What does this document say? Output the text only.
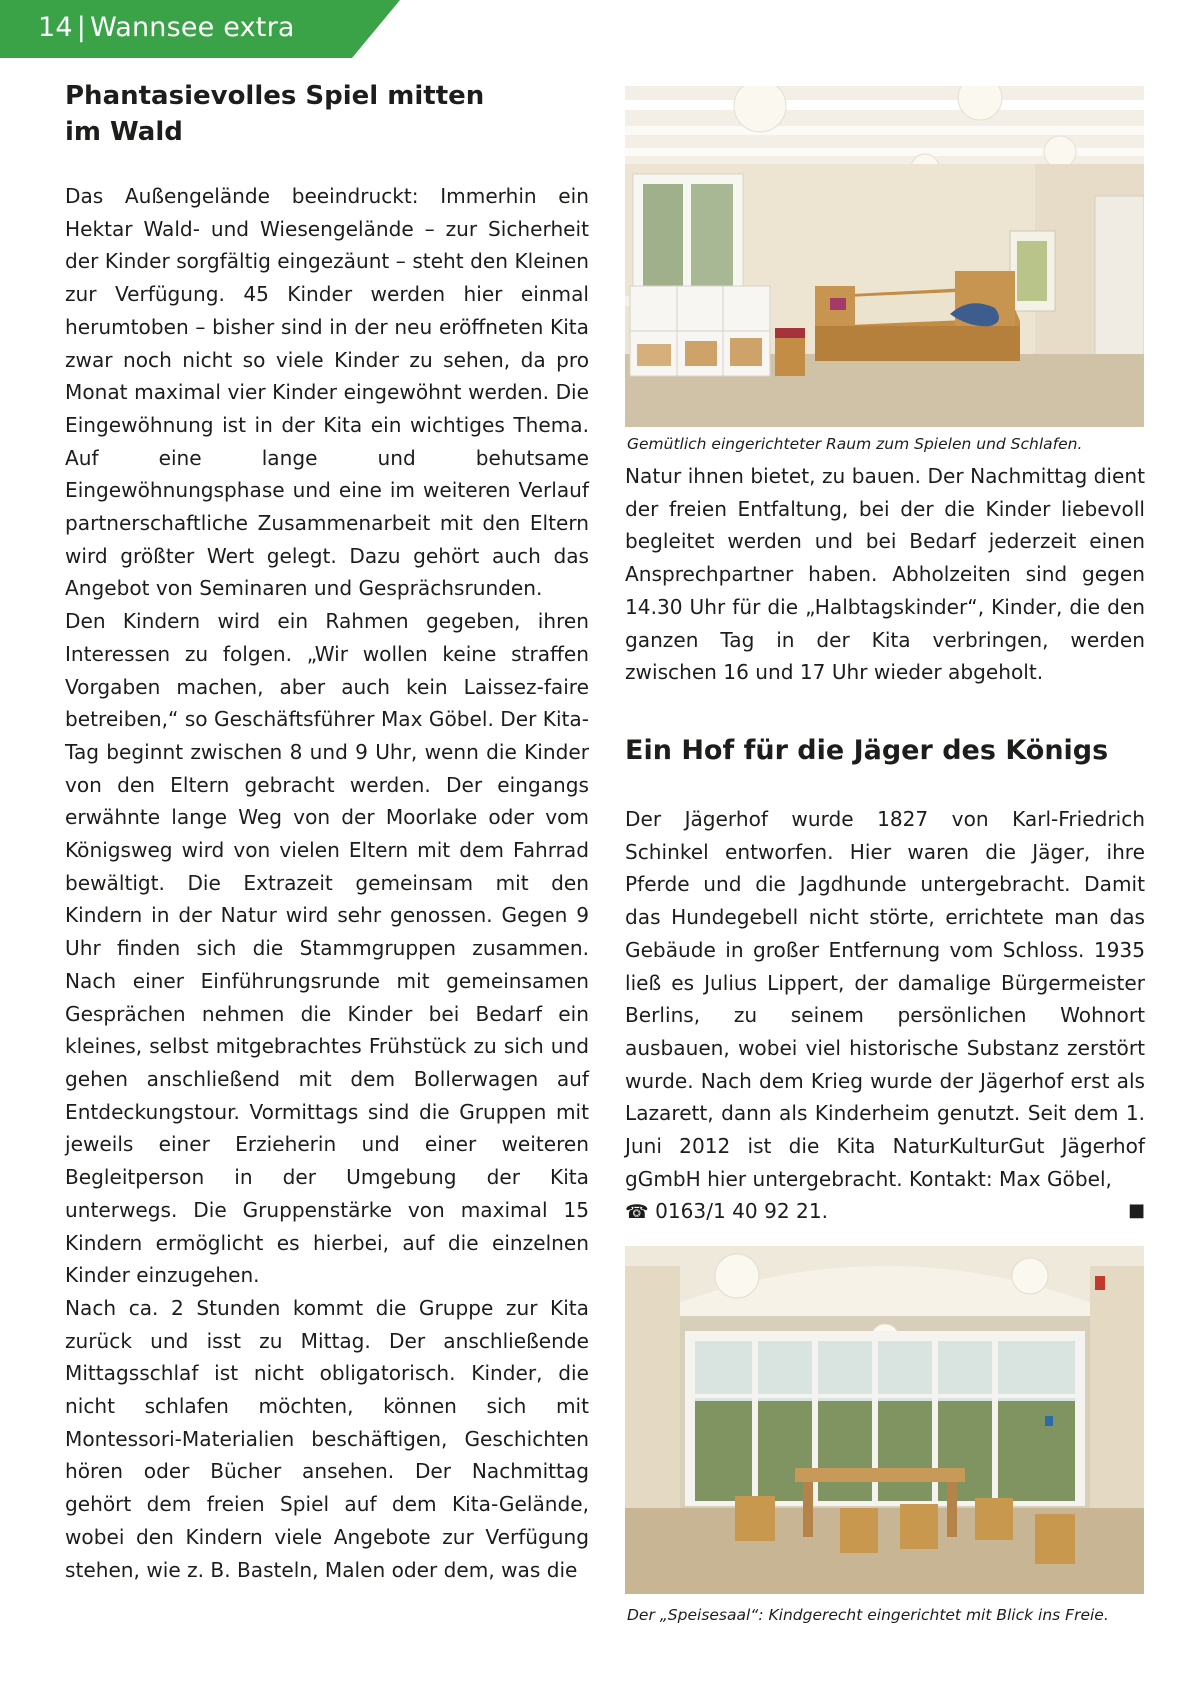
14 | Wannsee extra
Phantasievolles Spiel mitten im Wald

Das Außengelände beeindruckt: Immerhin ein Hektar Wald- und Wiesengelände – zur Sicherheit der Kinder sorgfältig eingezäunt – steht den Kleinen zur Verfügung. 45 Kinder werden hier einmal herumtoben – bisher sind in der neu eröffneten Kita zwar noch nicht so viele Kinder zu sehen, da pro Monat maximal vier Kinder eingewöhnt werden. Die Eingewöhnung ist in der Kita ein wichtiges Thema. Auf eine lange und behutsame Eingewöhnungsphase und eine im weiteren Verlauf partnerschaftliche Zusammenarbeit mit den Eltern wird größter Wert gelegt. Dazu gehört auch das Angebot von Seminaren und Gesprächsrunden.

Den Kindern wird ein Rahmen gegeben, ihren Interessen zu folgen. „Wir wollen keine straffen Vorgaben machen, aber auch kein Laissez-faire betreiben,“ so Geschäftsführer Max Göbel. Der Kita-Tag beginnt zwischen 8 und 9 Uhr, wenn die Kinder von den Eltern gebracht werden. Der eingangs erwähnte lange Weg von der Moorlake oder vom Königsweg wird von vielen Eltern mit dem Fahrrad bewältigt. Die Extrazeit gemeinsam mit den Kindern in der Natur wird sehr genossen. Gegen 9 Uhr finden sich die Stammgruppen zusammen. Nach einer Einführungsrunde mit gemeinsamen Gesprächen nehmen die Kinder bei Bedarf ein kleines, selbst mitgebrachtes Frühstück zu sich und gehen anschließend mit dem Bollerwagen auf Entdeckungstour. Vormittags sind die Gruppen mit jeweils einer Erzieherin und einer weiteren Begleitperson in der Umgebung der Kita unterwegs. Die Gruppenstärke von maximal 15 Kindern ermöglicht es hierbei, auf die einzelnen Kinder einzugehen.

Nach ca. 2 Stunden kommt die Gruppe zur Kita zurück und isst zu Mittag. Der anschließende Mittagsschlaf ist nicht obligatorisch. Kinder, die nicht schlafen möchten, können sich mit Montessori-Materialien beschäftigen, Geschichten hören oder Bücher ansehen. Der Nachmittag gehört dem freien Spiel auf dem Kita-Gelände, wobei den Kindern viele Angebote zur Verfügung stehen, wie z. B. Basteln, Malen oder dem, was die

Gemütlich eingerichteter Raum zum Spielen und Schlafen.

Natur ihnen bietet, zu bauen. Der Nachmittag dient der freien Entfaltung, bei der die Kinder liebevoll begleitet werden und bei Bedarf jederzeit einen Ansprechpartner haben. Abholzeiten sind gegen 14.30 Uhr für die „Halbtagskinder“, Kinder, die den ganzen Tag in der Kita verbringen, werden zwischen 16 und 17 Uhr wieder abgeholt.

Ein Hof für die Jäger des Königs

Der Jägerhof wurde 1827 von Karl-Friedrich Schinkel entworfen. Hier waren die Jäger, ihre Pferde und die Jagdhunde untergebracht. Damit das Hundegebell nicht störte, errichtete man das Gebäude in großer Entfernung vom Schloss. 1935 ließ es Julius Lippert, der damalige Bürgermeister Berlins, zu seinem persönlichen Wohnort ausbauen, wobei viel historische Substanz zerstört wurde. Nach dem Krieg wurde der Jägerhof erst als Lazarett, dann als Kinderheim genutzt. Seit dem 1. Juni 2012 ist die Kita NaturKulturGut Jägerhof gGmbH hier untergebracht. Kontakt: Max Göbel,
☎ 0163/1 40 92 21.	■

Der „Speisesaal“: Kindgerecht eingerichtet mit Blick ins Freie.
